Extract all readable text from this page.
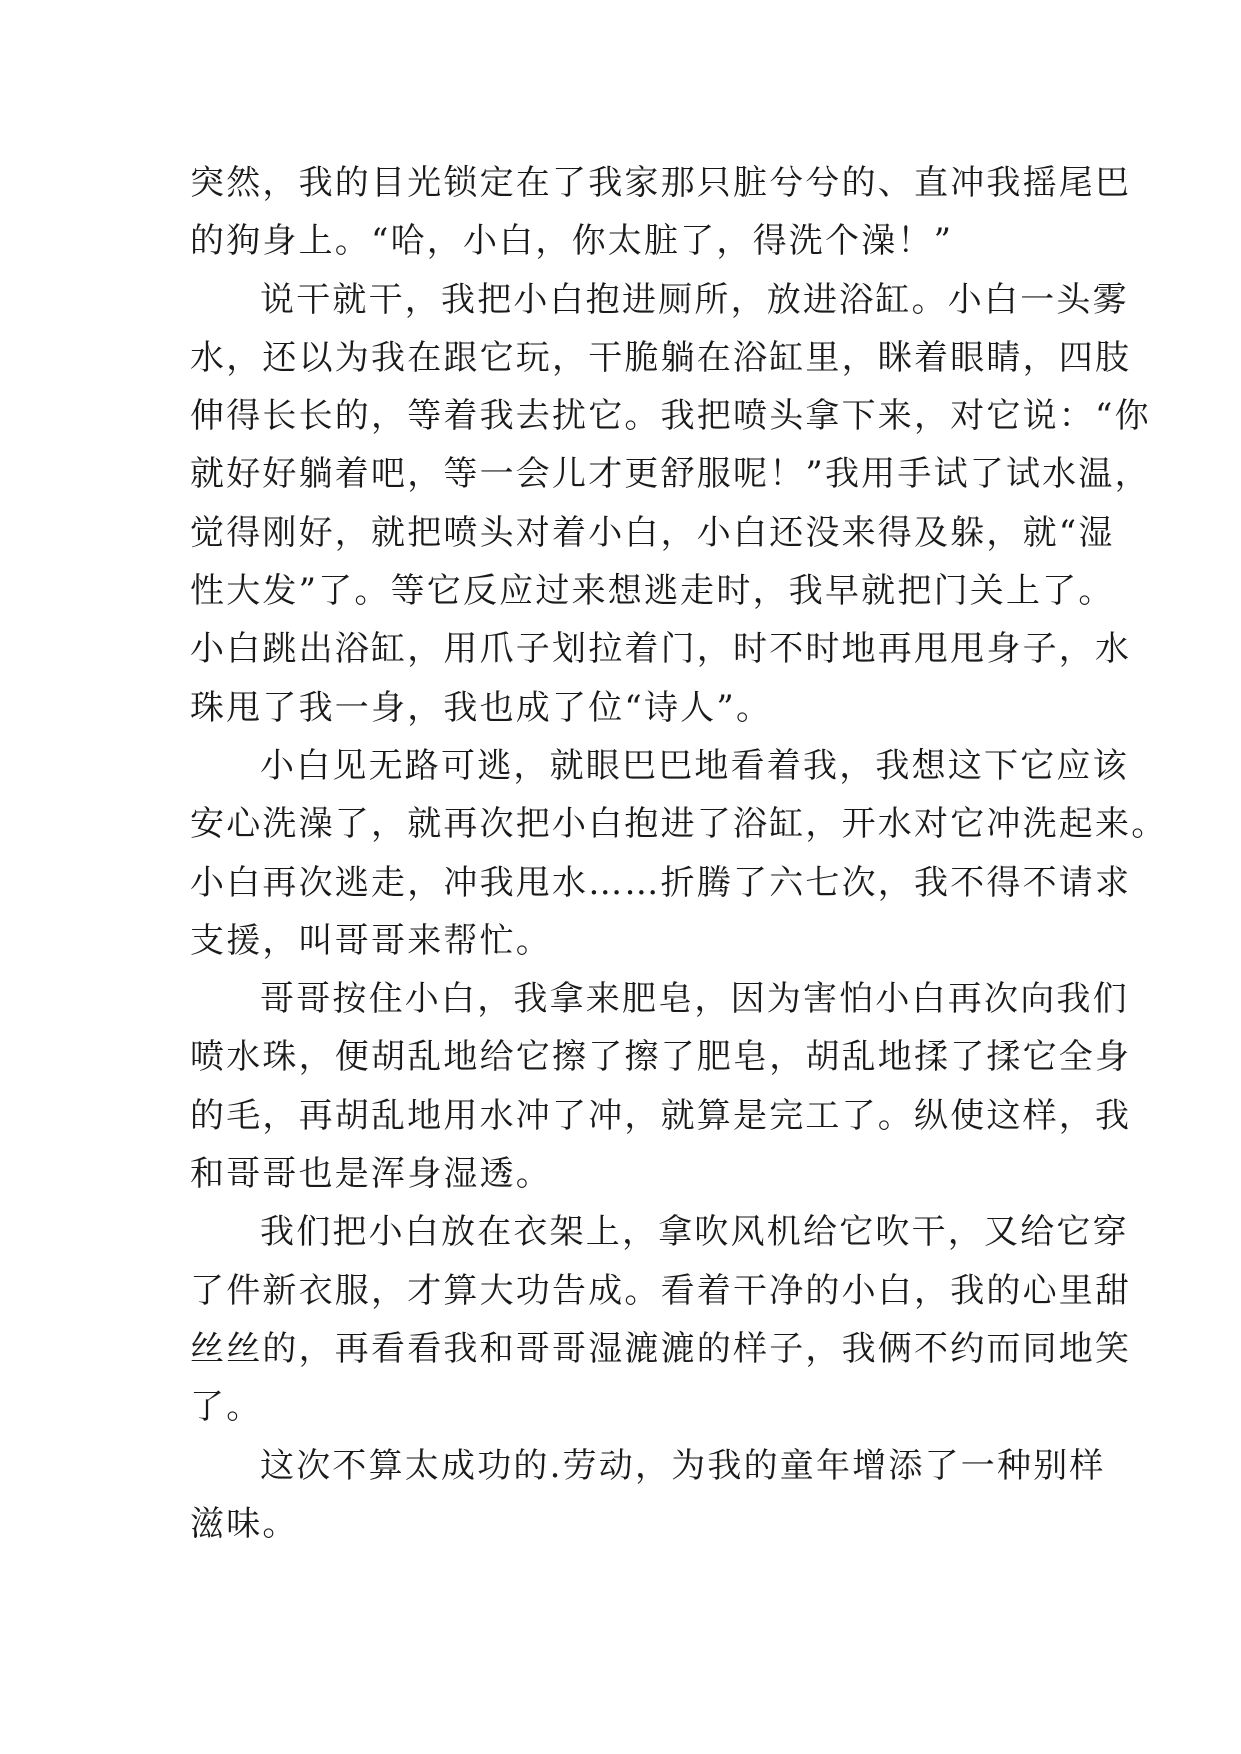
突然，我的目光锁定在了我家那只脏兮兮的、直冲我摇尾巴
的狗身上。“哈，小白，你太脏了，得洗个澡！”
说干就干，我把小白抱进厕所，放进浴缸。小白一头雾
水，还以为我在跟它玩，干脆躺在浴缸里，眯着眼睛，四肢
伸得长长的，等着我去扰它。我把喷头拿下来，对它说：“你
就好好躺着吧，等一会儿才更舒服呢！”我用手试了试水温，
觉得刚好，就把喷头对着小白，小白还没来得及躲，就“湿
性大发”了。等它反应过来想逃走时，我早就把门关上了。
小白跳出浴缸，用爪子划拉着门，时不时地再甩甩身子，水
珠甩了我一身，我也成了位“诗人”。
小白见无路可逃，就眼巴巴地看着我，我想这下它应该
安心洗澡了，就再次把小白抱进了浴缸，开水对它冲洗起来。
小白再次逃走，冲我甩水……折腾了六七次，我不得不请求
支援，叫哥哥来帮忙。
哥哥按住小白，我拿来肥皂，因为害怕小白再次向我们
喷水珠，便胡乱地给它擦了擦了肥皂，胡乱地揉了揉它全身
的毛，再胡乱地用水冲了冲，就算是完工了。纵使这样，我
和哥哥也是浑身湿透。
我们把小白放在衣架上，拿吹风机给它吹干，又给它穿
了件新衣服，才算大功告成。看着干净的小白，我的心里甜
丝丝的，再看看我和哥哥湿漉漉的样子，我俩不约而同地笑
了。
这次不算太成功的.劳动，为我的童年增添了一种别样
滋味。
